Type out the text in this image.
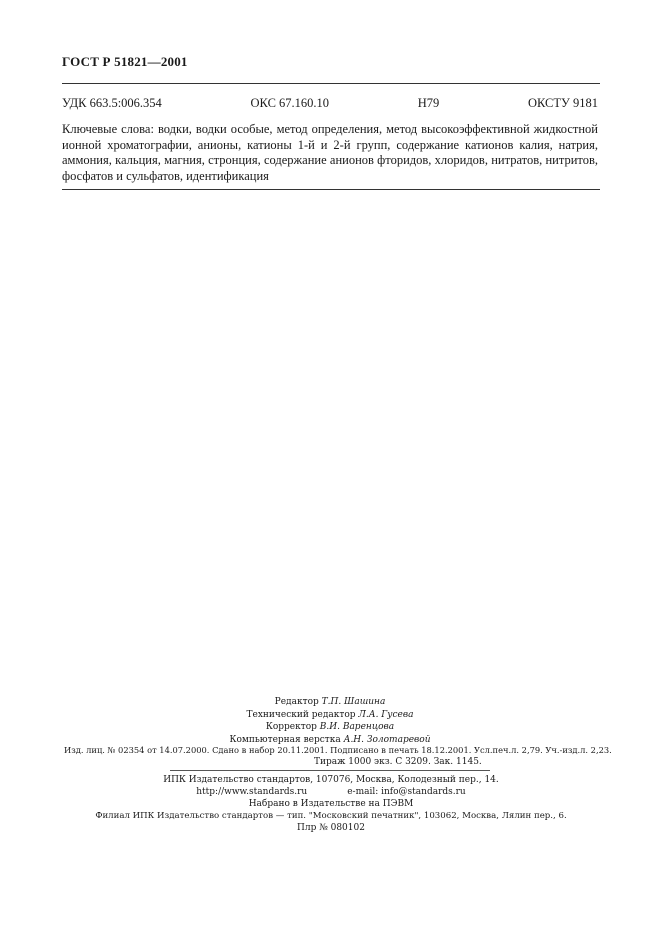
ГОСТ Р 51821—2001
УДК 663.5:006.354	ОКС 67.160.10	Н79	ОКСТУ 9181
Ключевые слова: водки, водки особые, метод определения, метод высокоэффективной жидкостной ионной хроматографии, анионы, катионы 1-й и 2-й групп, содержание катионов калия, натрия, аммония, кальция, магния, стронция, содержание анионов фторидов, хлоридов, нитратов, нитритов, фосфатов и сульфатов, идентификация
Редактор Т.П. Шашина
Технический редактор Л.А. Гусева
Корректор В.И. Варенцова
Компьютерная верстка А.Н. Золотаревой
Изд. лиц. № 02354 от 14.07.2000. Сдано в набор 20.11.2001. Подписано в печать 18.12.2001. Усл.печ.л. 2,79. Уч.-изд.л. 2,23.
Тираж 1000 экз. С 3209. Зак. 1145.
ИПК Издательство стандартов, 107076, Москва, Колодезный пер., 14.
http://www.standards.ru	e-mail: info@standards.ru
Набрано в Издательстве на ПЭВМ
Филиал ИПК Издательство стандартов — тип. "Московский печатник", 103062, Москва, Лялин пер., 6.
Плр № 080102
